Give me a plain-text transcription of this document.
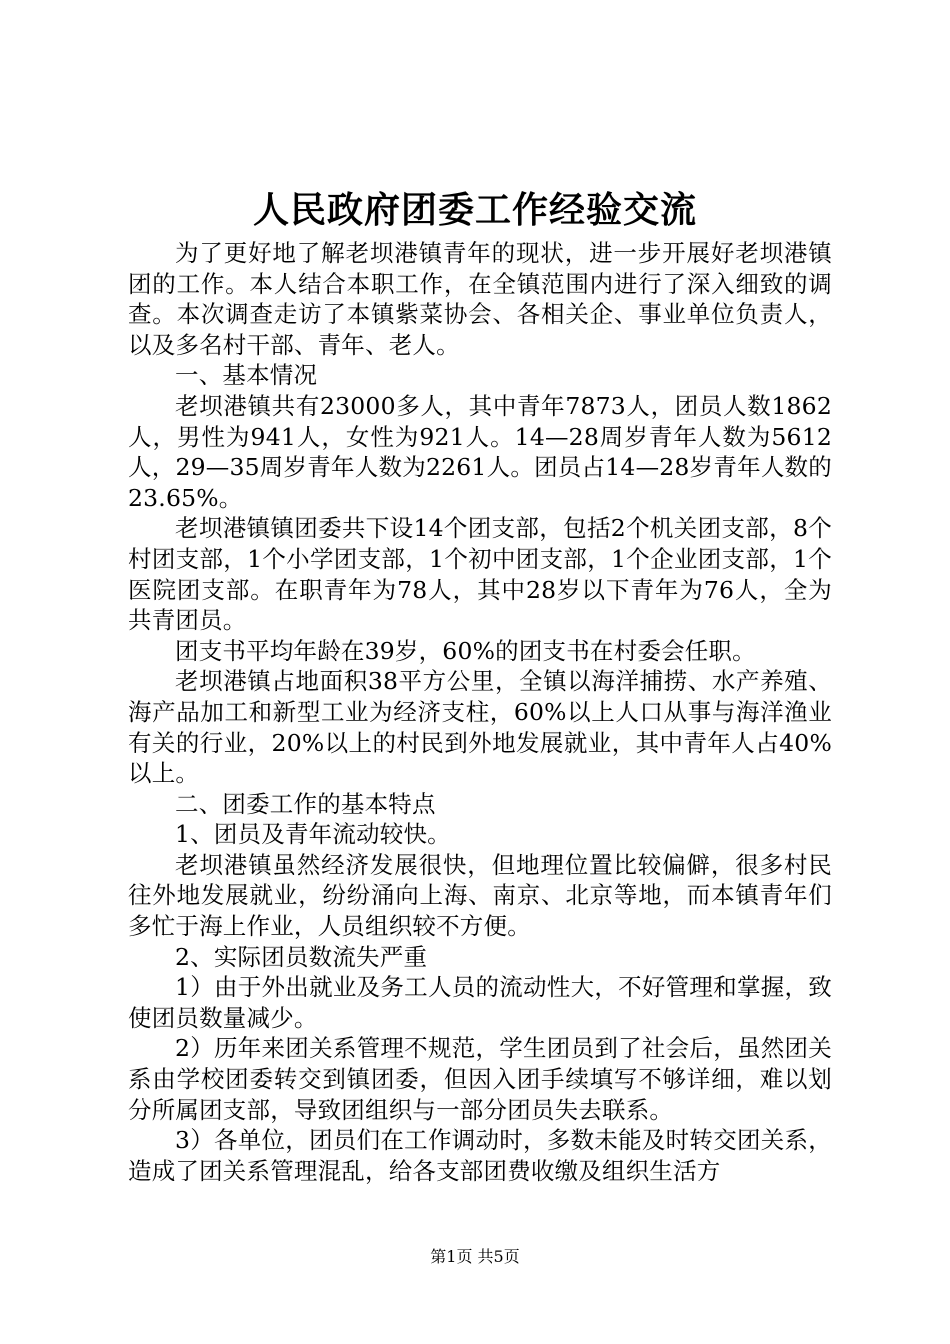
人民政府团委工作经验交流

为了更好地了解老坝港镇青年的现状，进一步开展好老坝港镇团的工作。本人结合本职工作，在全镇范围内进行了深入细致的调查。本次调查走访了本镇紫菜协会、各相关企、事业单位负责人，以及多名村干部、青年、老人。

一、基本情况

老坝港镇共有23000多人，其中青年7873人，团员人数1862人，男性为941人，女性为921人。14—28周岁青年人数为5612人，29—35周岁青年人数为2261人。团员占14—28岁青年人数的23.65%。

老坝港镇镇团委共下设14个团支部，包括2个机关团支部，8个村团支部，1个小学团支部，1个初中团支部，1个企业团支部，1个医院团支部。在职青年为78人，其中28岁以下青年为76人，全为共青团员。

团支书平均年龄在39岁，60%的团支书在村委会任职。

老坝港镇占地面积38平方公里，全镇以海洋捕捞、水产养殖、海产品加工和新型工业为经济支柱，60%以上人口从事与海洋渔业有关的行业，20%以上的村民到外地发展就业，其中青年人占40%以上。

二、团委工作的基本特点

1、团员及青年流动较快。

老坝港镇虽然经济发展很快，但地理位置比较偏僻，很多村民往外地发展就业，纷纷涌向上海、南京、北京等地，而本镇青年们多忙于海上作业，人员组织较不方便。

2、实际团员数流失严重

1）由于外出就业及务工人员的流动性大，不好管理和掌握，致使团员数量减少。

2）历年来团关系管理不规范，学生团员到了社会后，虽然团关系由学校团委转交到镇团委，但因入团手续填写不够详细，难以划分所属团支部，导致团组织与一部分团员失去联系。

3）各单位，团员们在工作调动时，多数未能及时转交团关系，造成了团关系管理混乱，给各支部团费收缴及组织生活方

第1页 共5页
